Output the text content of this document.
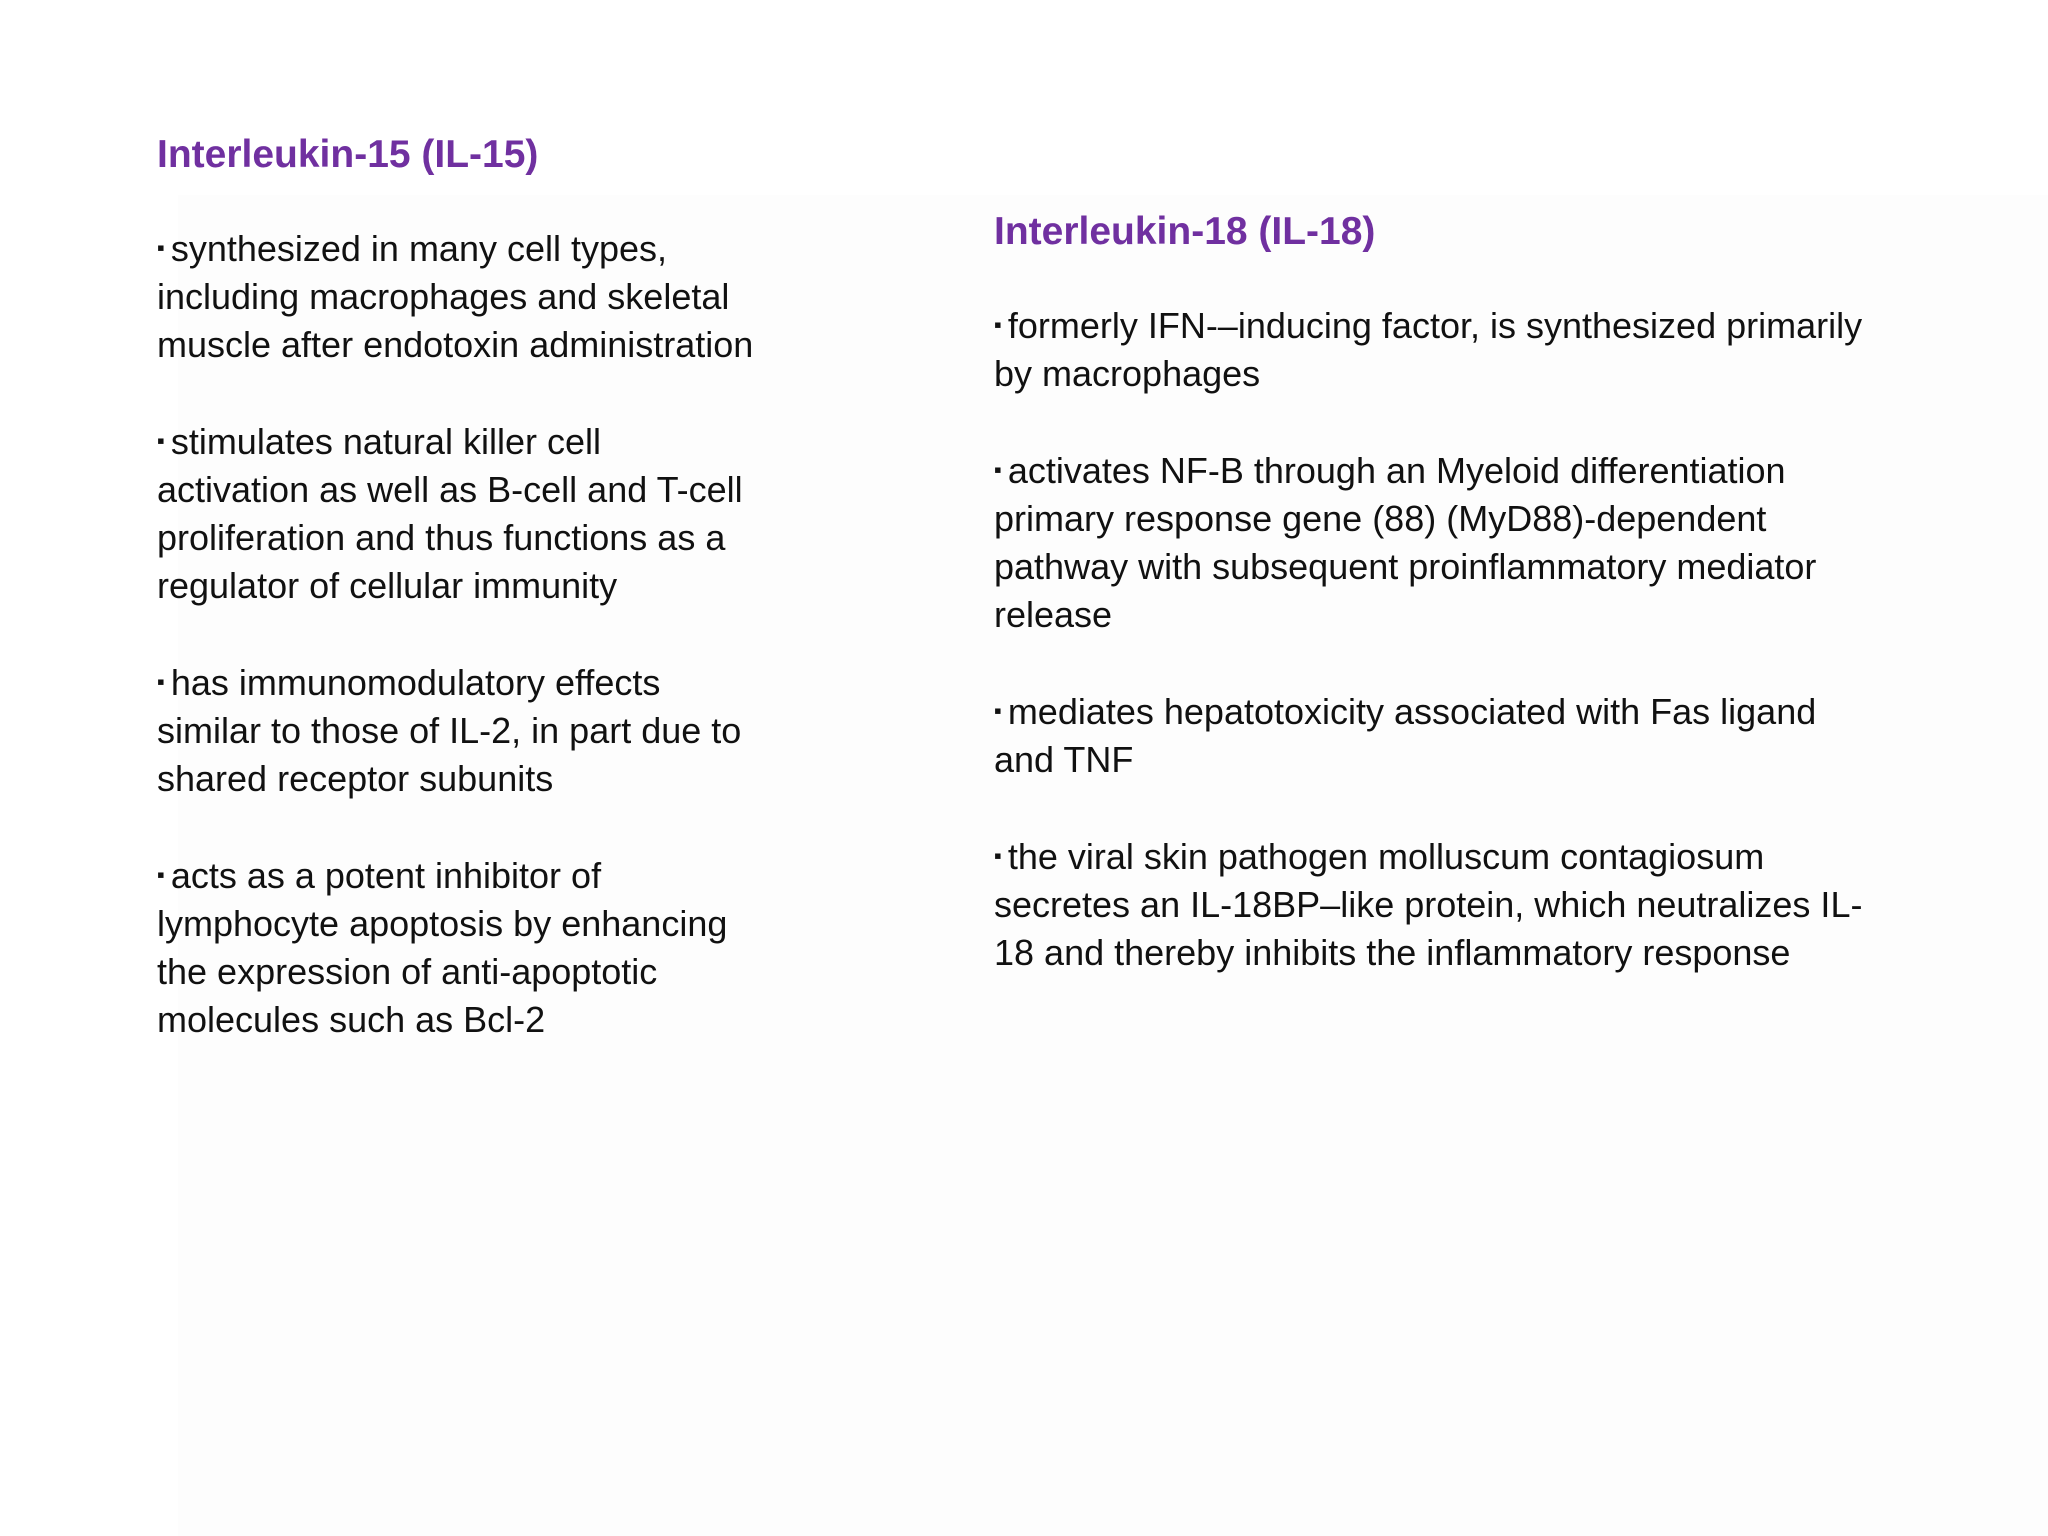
Interleukin-15 (IL-15)

▪ synthesized in many cell types, including macrophages and skeletal muscle after endotoxin administration

▪ stimulates natural killer cell activation as well as B-cell and T-cell proliferation and thus functions as a regulator of cellular immunity

▪ has immunomodulatory effects similar to those of IL-2, in part due to shared receptor subunits

▪ acts as a potent inhibitor of lymphocyte apoptosis by enhancing the expression of anti-apoptotic molecules such as Bcl-2

Interleukin-18 (IL-18)

▪ formerly IFN-–inducing factor, is synthesized primarily by macrophages

▪ activates NF-B through an Myeloid differentiation primary response gene (88) (MyD88)-dependent pathway with subsequent proinflammatory mediator release

▪ mediates hepatotoxicity associated with Fas ligand and TNF

▪ the viral skin pathogen molluscum contagiosum secretes an IL-18BP–like protein, which neutralizes IL-18 and thereby inhibits the inflammatory response
